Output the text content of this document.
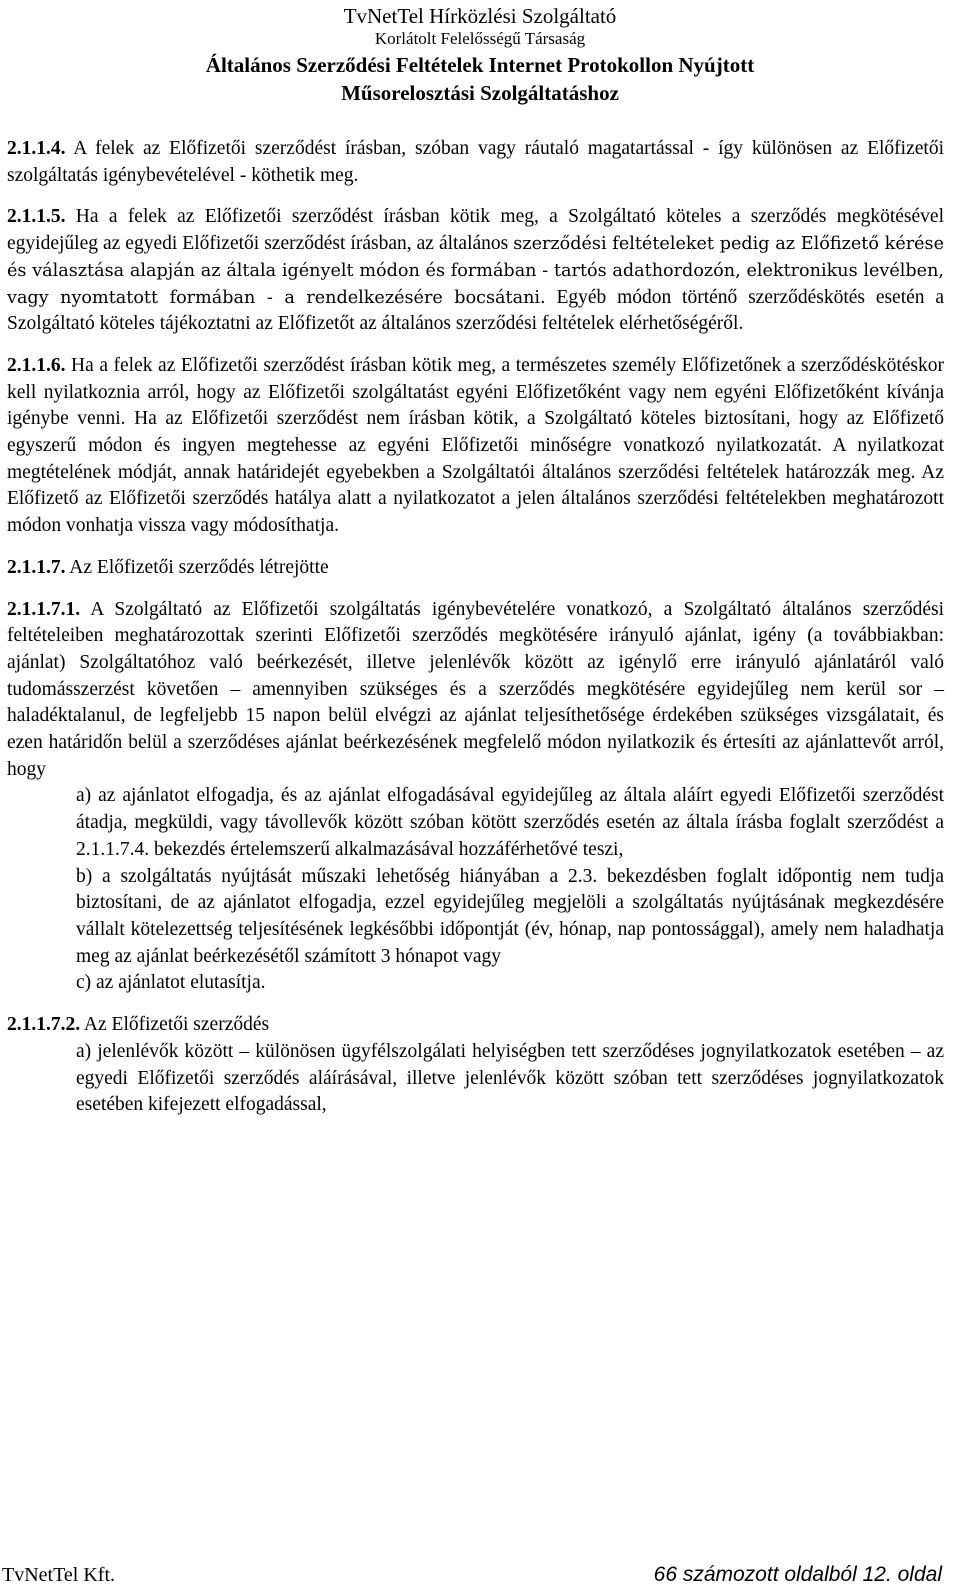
TvNetTel Hírközlési Szolgáltató
Korlátolt Felelősségű Társaság
Általános Szerződési Feltételek Internet Protokollon Nyújtott
Műsorelosztási Szolgáltatáshoz

2.1.1.4. A felek az Előfizetői szerződést írásban, szóban vagy ráutaló magatartással - így különösen az Előfizetői szolgáltatás igénybevételével - köthetik meg.

2.1.1.5. Ha a felek az Előfizetői szerződést írásban kötik meg, a Szolgáltató köteles a szerződés megkötésével egyidejűleg az egyedi Előfizetői szerződést írásban, az általános szerződési feltételeket pedig az Előfizető kérése és választása alapján az általa igényelt módon és formában - tartós adathordozón, elektronikus levélben, vagy nyomtatott formában - a rendelkezésére bocsátani. Egyéb módon történő szerződéskötés esetén a Szolgáltató köteles tájékoztatni az Előfizetőt az általános szerződési feltételek elérhetőségéről.

2.1.1.6. Ha a felek az Előfizetői szerződést írásban kötik meg, a természetes személy Előfizetőnek a szerződéskötéskor kell nyilatkoznia arról, hogy az Előfizetői szolgáltatást egyéni Előfizetőként vagy nem egyéni Előfizetőként kívánja igénybe venni. Ha az Előfizetői szerződést nem írásban kötik, a Szolgáltató köteles biztosítani, hogy az Előfizető egyszerű módon és ingyen megtehesse az egyéni Előfizetői minőségre vonatkozó nyilatkozatát. A nyilatkozat megtételének módját, annak határidejét egyebekben a Szolgáltatói általános szerződési feltételek határozzák meg. Az Előfizető az Előfizetői szerződés hatálya alatt a nyilatkozatot a jelen általános szerződési feltételekben meghatározott módon vonhatja vissza vagy módosíthatja.

2.1.1.7. Az Előfizetői szerződés létrejötte

2.1.1.7.1. A Szolgáltató az Előfizetői szolgáltatás igénybevételére vonatkozó, a Szolgáltató általános szerződési feltételeiben meghatározottak szerinti Előfizetői szerződés megkötésére irányuló ajánlat, igény (a továbbiakban: ajánlat) Szolgáltatóhoz való beérkezését, illetve jelenlévők között az igénylő erre irányuló ajánlatáról való tudomásszerzést követően – amennyiben szükséges és a szerződés megkötésére egyidejűleg nem kerül sor – haladéktalanul, de legfeljebb 15 napon belül elvégzi az ajánlat teljesíthetősége érdekében szükséges vizsgálatait, és ezen határidőn belül a szerződéses ajánlat beérkezésének megfelelő módon nyilatkozik és értesíti az ajánlattevőt arról, hogy

a) az ajánlatot elfogadja, és az ajánlat elfogadásával egyidejűleg az általa aláírt egyedi Előfizetői szerződést átadja, megküldi, vagy távollevők között szóban kötött szerződés esetén az általa írásba foglalt szerződést a 2.1.1.7.4. bekezdés értelemszerű alkalmazásával hozzáférhetővé teszi,

b) a szolgáltatás nyújtását műszaki lehetőség hiányában a 2.3. bekezdésben foglalt időpontig nem tudja biztosítani, de az ajánlatot elfogadja, ezzel egyidejűleg megjelöli a szolgáltatás nyújtásának megkezdésére vállalt kötelezettség teljesítésének legkésőbbi időpontját (év, hónap, nap pontossággal), amely nem haladhatja meg az ajánlat beérkezésétől számított 3 hónapot vagy

c) az ajánlatot elutasítja.

2.1.1.7.2. Az Előfizetői szerződés

a) jelenlévők között – különösen ügyfélszolgálati helyiségben tett szerződéses jognyilatkozatok esetében – az egyedi Előfizetői szerződés aláírásával, illetve jelenlévők között szóban tett szerződéses jognyilatkozatok esetében kifejezett elfogadással,

TvNetTel Kft.	66 számozott oldalból 12. oldal
